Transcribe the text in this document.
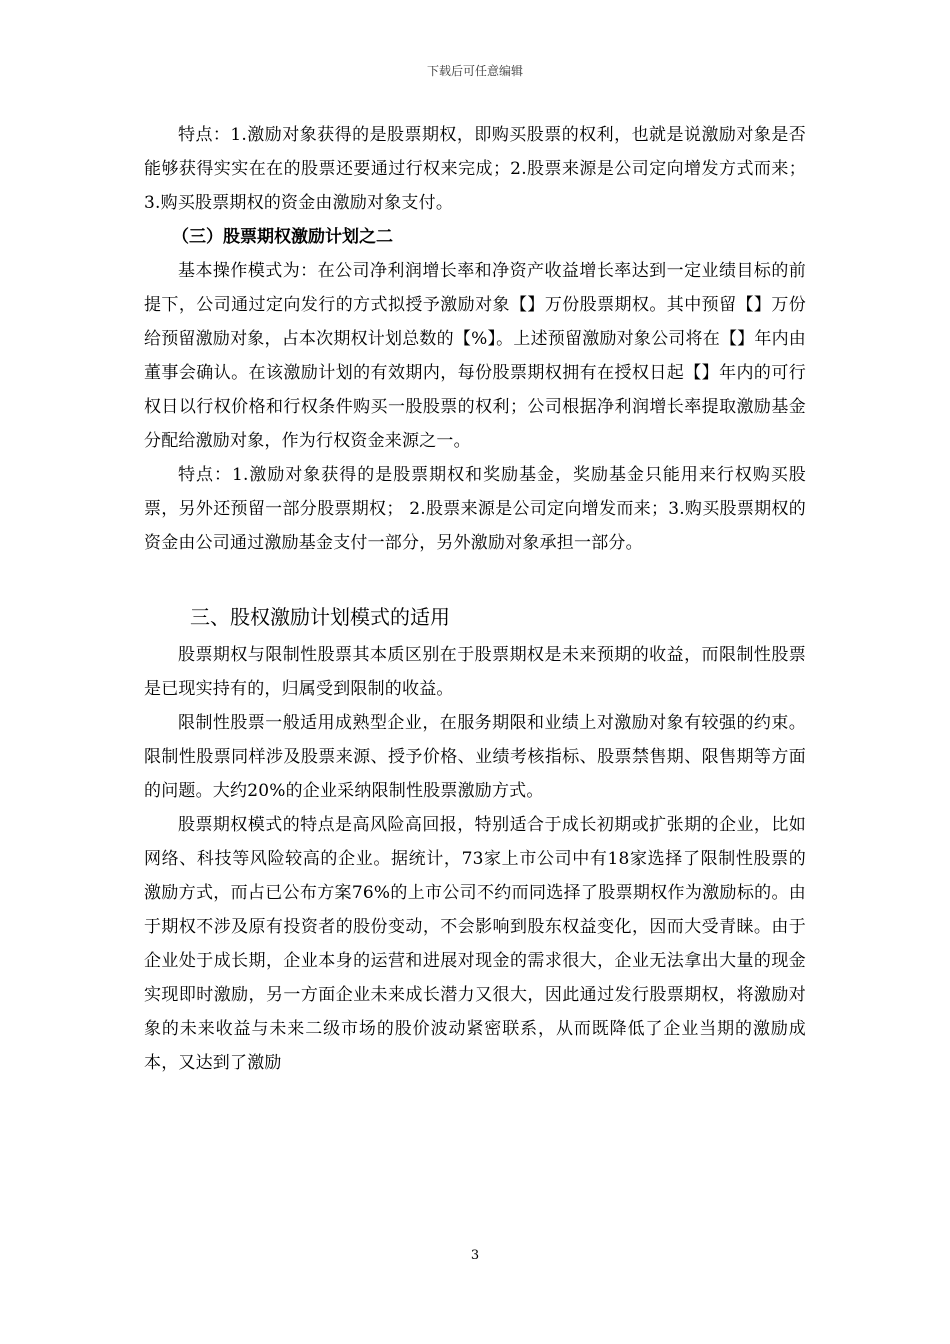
下载后可任意编辑

特点：1.激励对象获得的是股票期权，即购买股票的权利，也就是说激励对象是否能够获得实实在在的股票还要通过行权来完成；2.股票来源是公司定向增发方式而来；3.购买股票期权的资金由激励对象支付。

（三）股票期权激励计划之二

基本操作模式为：在公司净利润增长率和净资产收益增长率达到一定业绩目标的前提下，公司通过定向发行的方式拟授予激励对象【】万份股票期权。其中预留【】万份给预留激励对象，占本次期权计划总数的【%】。上述预留激励对象公司将在【】年内由董事会确认。在该激励计划的有效期内，每份股票期权拥有在授权日起【】年内的可行权日以行权价格和行权条件购买一股股票的权利；公司根据净利润增长率提取激励基金分配给激励对象，作为行权资金来源之一。

特点：1.激励对象获得的是股票期权和奖励基金，奖励基金只能用来行权购买股票，另外还预留一部分股票期权； 2.股票来源是公司定向增发而来；3.购买股票期权的资金由公司通过激励基金支付一部分，另外激励对象承担一部分。

三、股权激励计划模式的适用

股票期权与限制性股票其本质区别在于股票期权是未来预期的收益，而限制性股票是已现实持有的，归属受到限制的收益。

限制性股票一般适用成熟型企业，在服务期限和业绩上对激励对象有较强的约束。限制性股票同样涉及股票来源、授予价格、业绩考核指标、股票禁售期、限售期等方面的问题。大约20%的企业采纳限制性股票激励方式。

股票期权模式的特点是高风险高回报，特别适合于成长初期或扩张期的企业，比如网络、科技等风险较高的企业。据统计，73家上市公司中有18家选择了限制性股票的激励方式，而占已公布方案76%的上市公司不约而同选择了股票期权作为激励标的。由于期权不涉及原有投资者的股份变动，不会影响到股东权益变化，因而大受青睐。由于企业处于成长期，企业本身的运营和进展对现金的需求很大，企业无法拿出大量的现金实现即时激励，另一方面企业未来成长潜力又很大，因此通过发行股票期权，将激励对象的未来收益与未来二级市场的股价波动紧密联系，从而既降低了企业当期的激励成本，又达到了激励

3
